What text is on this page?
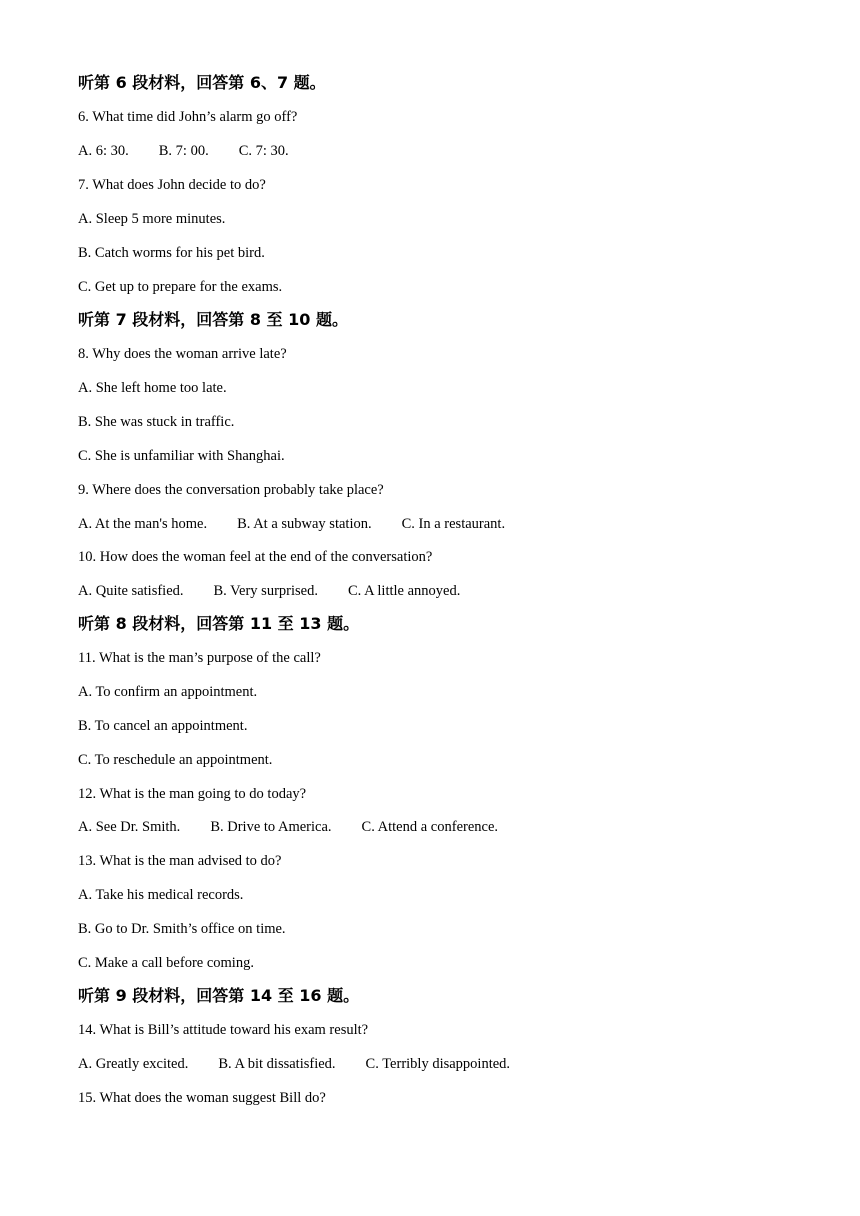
听第 6 段材料，回答第 6、7 题。
6. What time did John’s alarm go off?
A. 6: 30. B. 7: 00. C. 7: 30.
7. What does John decide to do?
A. Sleep 5 more minutes.
B. Catch worms for his pet bird.
C. Get up to prepare for the exams.
听第 7 段材料，回答第 8 至 10 题。
8. Why does the woman arrive late?
A. She left home too late.
B. She was stuck in traffic.
C. She is unfamiliar with Shanghai.
9. Where does the conversation probably take place?
A. At the man's home. B. At a subway station. C. In a restaurant.
10. How does the woman feel at the end of the conversation?
A. Quite satisfied. B. Very surprised. C. A little annoyed.
听第 8 段材料，回答第 11 至 13 题。
11. What is the man’s purpose of the call?
A. To confirm an appointment.
B. To cancel an appointment.
C. To reschedule an appointment.
12. What is the man going to do today?
A. See Dr. Smith. B. Drive to America. C. Attend a conference.
13. What is the man advised to do?
A. Take his medical records.
B. Go to Dr. Smith’s office on time.
C. Make a call before coming.
听第 9 段材料，回答第 14 至 16 题。
14. What is Bill’s attitude toward his exam result?
A. Greatly excited. B. A bit dissatisfied. C. Terribly disappointed.
15. What does the woman suggest Bill do?
